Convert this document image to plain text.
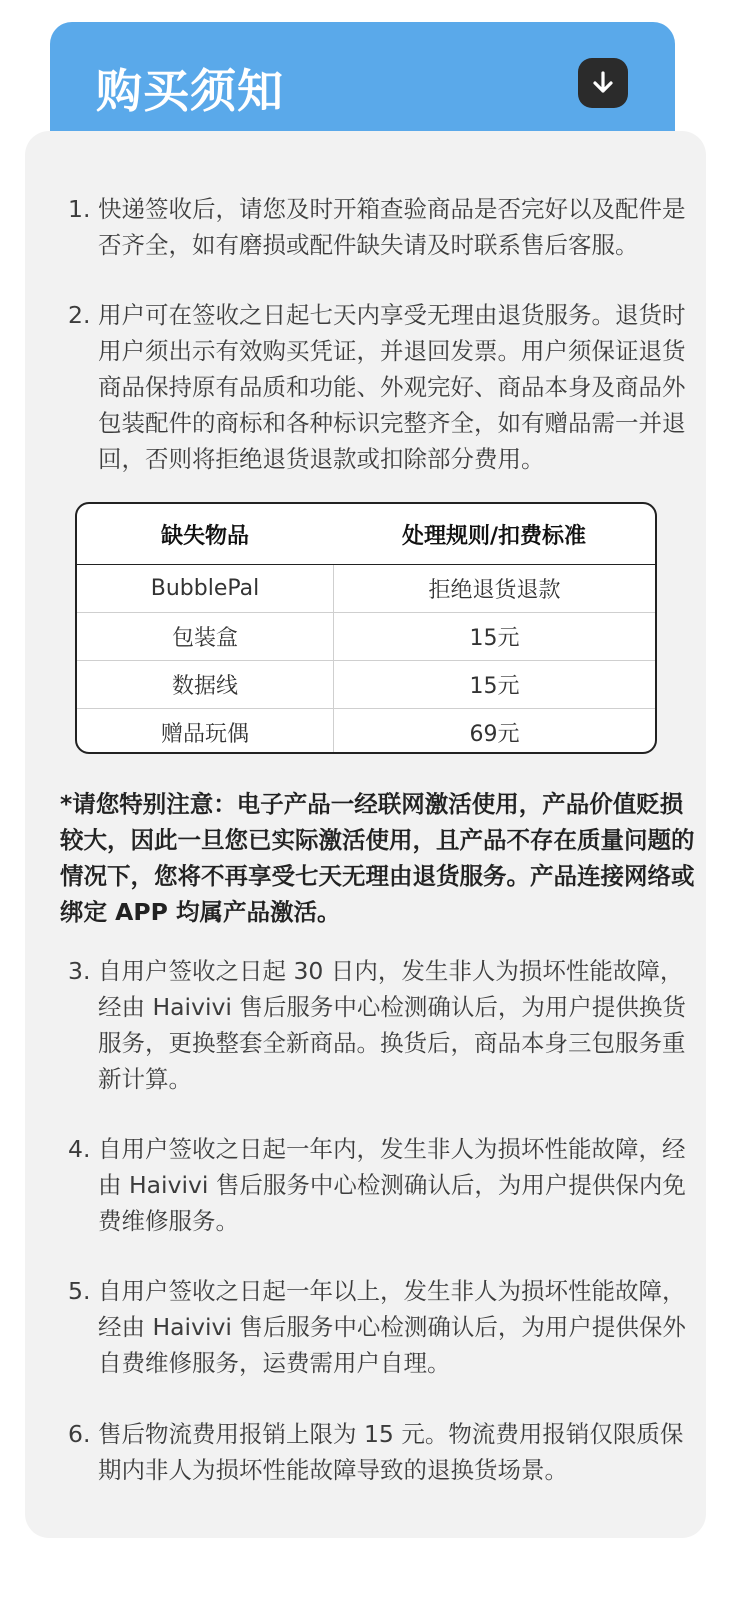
购买须知
1. 快递签收后，请您及时开箱查验商品是否完好以及配件是否齐全，如有磨损或配件缺失请及时联系售后客服。
2. 用户可在签收之日起七天内享受无理由退货服务。退货时用户须出示有效购买凭证，并退回发票。用户须保证退货商品保持原有品质和功能、外观完好、商品本身及商品外包装配件的商标和各种标识完整齐全，如有赠品需一并退回，否则将拒绝退货退款或扣除部分费用。
缺失物品	处理规则/扣费标准
BubblePal	拒绝退货退款
包装盒	15元
数据线	15元
赠品玩偶	69元
*请您特别注意：电子产品一经联网激活使用，产品价值贬损较大，因此一旦您已实际激活使用，且产品不存在质量问题的情况下，您将不再享受七天无理由退货服务。产品连接网络或绑定 APP 均属产品激活。
3. 自用户签收之日起 30 日内，发生非人为损坏性能故障，经由 Haivivi 售后服务中心检测确认后，为用户提供换货服务，更换整套全新商品。换货后，商品本身三包服务重新计算。
4. 自用户签收之日起一年内，发生非人为损坏性能故障，经由 Haivivi 售后服务中心检测确认后，为用户提供保内免费维修服务。
5. 自用户签收之日起一年以上，发生非人为损坏性能故障，经由 Haivivi 售后服务中心检测确认后，为用户提供保外自费维修服务，运费需用户自理。
6. 售后物流费用报销上限为 15 元。物流费用报销仅限质保期内非人为损坏性能故障导致的退换货场景。
